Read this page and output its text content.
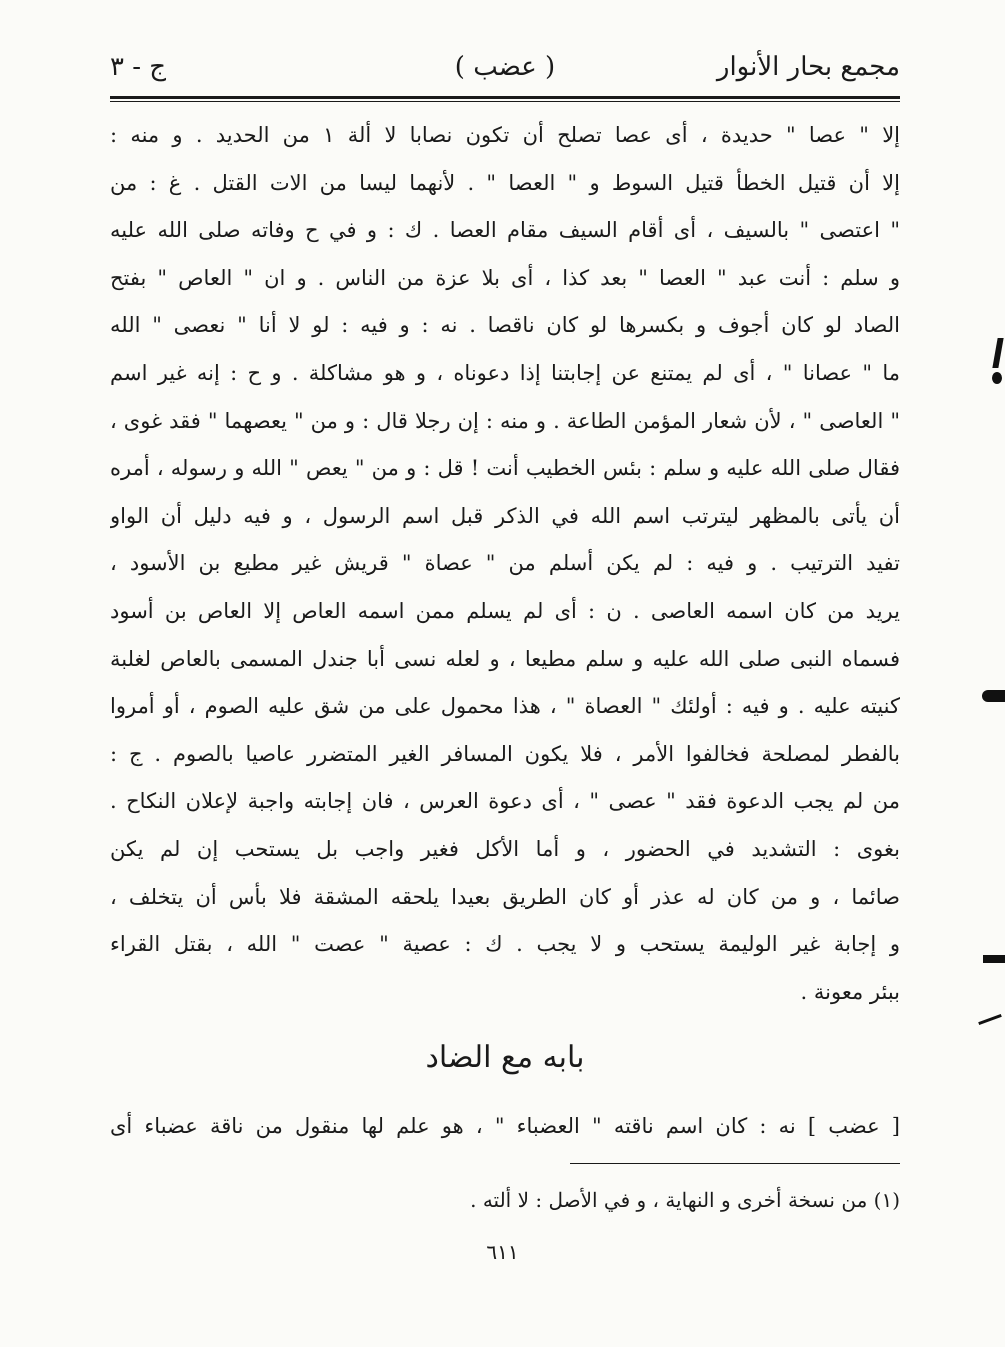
مجمع بحار الأنوار
( عضب )
ج - ٣
إلا " عصا " حديدة ، أى عصا تصلح أن تكون نصابا لا ألة ١ من الحديد . و منه :
إلا أن قتيل الخطأ قتيل السوط و " العصا " . لأنهما ليسا من الات القتل . غ : من
" اعتصى " بالسيف ، أى أقام السيف مقام العصا . ك : و في ح وفاته صلى الله عليه
و سلم : أنت عبد " العصا " بعد كذا ، أى بلا عزة من الناس . و ان " العاص " بفتح
الصاد لو كان أجوف و بكسرها لو كان ناقصا . نه : و فيه : لو لا أنا " نعصى " الله
ما " عصانا " ، أى لم يمتنع عن إجابتنا إذا دعوناه ، و هو مشاكلة . و ح : إنه غير اسم
" العاصى " ، لأن شعار المؤمن الطاعة . و منه : إن رجلا قال : و من " يعصهما " فقد غوى ،
فقال صلى الله عليه و سلم : بئس الخطيب أنت ! قل : و من " يعص " الله و رسوله ، أمره
أن يأتى بالمظهر ليترتب اسم الله في الذكر قبل اسم الرسول ، و فيه دليل أن الواو
تفيد الترتيب . و فيه : لم يكن أسلم من " عصاة " قريش غير مطيع بن الأسود ،
يريد من كان اسمه العاصى . ن : أى لم يسلم ممن اسمه العاص إلا العاص بن أسود
فسماه النبى صلى الله عليه و سلم مطيعا ، و لعله نسى أبا جندل المسمى بالعاص لغلبة
كنيته عليه . و فيه : أولئك " العصاة " ، هذا محمول على من شق عليه الصوم ، أو أمروا
بالفطر لمصلحة فخالفوا الأمر ، فلا يكون المسافر الغير المتضرر عاصيا بالصوم . ج :
من لم يجب الدعوة فقد " عصى " ، أى دعوة العرس ، فان إجابته واجبة لإعلان النكاح .
بغوى : التشديد في الحضور ، و أما الأكل فغير واجب بل يستحب إن لم يكن
صائما ، و من كان له عذر أو كان الطريق بعيدا يلحقه المشقة فلا بأس أن يتخلف ،
و إجابة غير الوليمة يستحب و لا يجب . ك : عصية " عصت " الله ، بقتل القراء
ببئر معونة .
بابه مع الضاد
[ عضب ] نه : كان اسم ناقته " العضباء " ، هو علم لها منقول من ناقة عضباء أى
(١) من نسخة أخرى و النهاية ، و في الأصل : لا ألته .
٦١١
